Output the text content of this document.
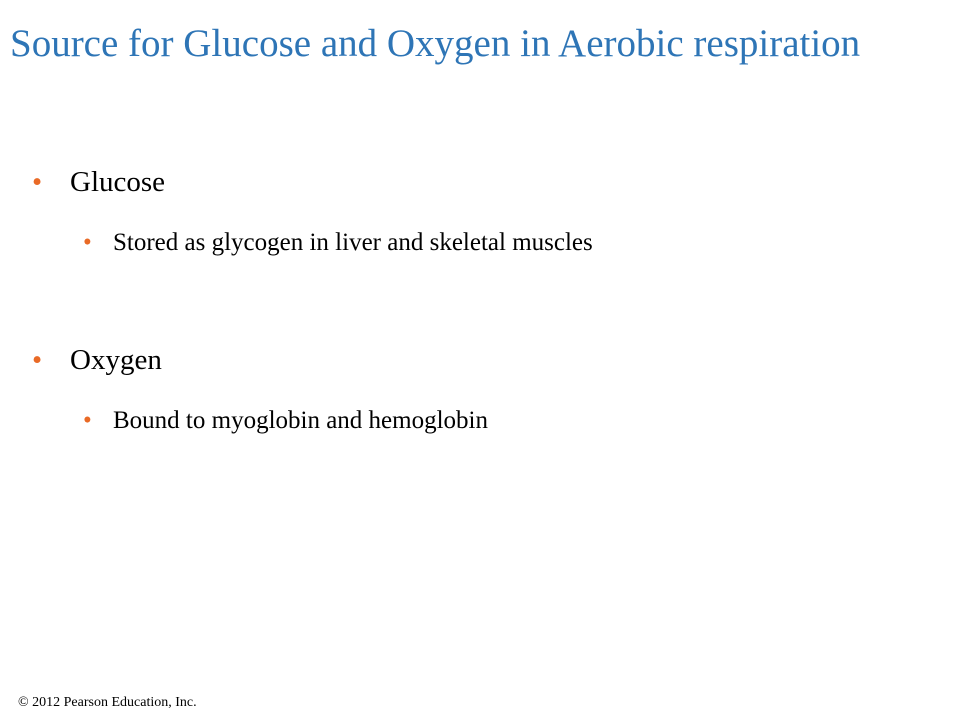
Source for Glucose and Oxygen in Aerobic respiration
• Glucose
• Stored as glycogen in liver and skeletal muscles
• Oxygen
• Bound to myoglobin and hemoglobin
© 2012 Pearson Education, Inc.
